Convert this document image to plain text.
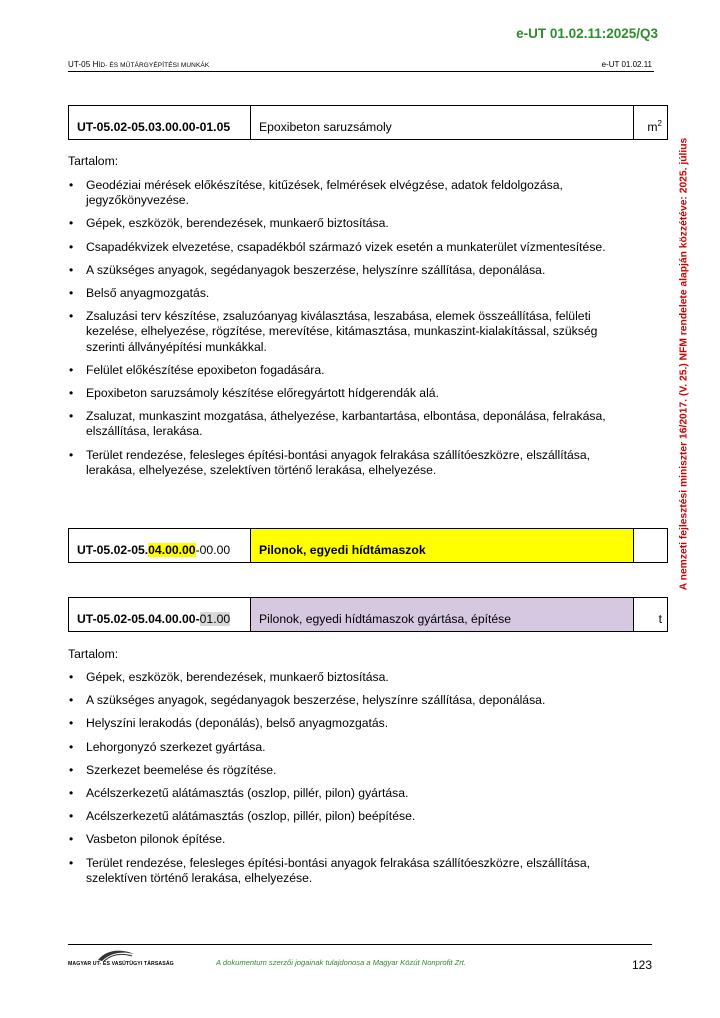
e-UT 01.02.11:2025/Q3
UT-05 HÍD- ÉS MŰTÁRGYÉPÍTÉSI MUNKÁK	e-UT 01.02.11
A nemzeti fejlesztési miniszter 16/2017. (V. 25.) NFM rendelete alapján közzétéve: 2025. július
UT-05.02-05.03.00.00-01.05	Epoxibeton saruzsámoly	$m^2$
Tartalom:
• Geodéziai mérések előkészítése, kitűzések, felmérések elvégzése, adatok feldolgozása, jegyzőkönyvezése.
• Gépek, eszközök, berendezések, munkaerő biztosítása.
• Csapadékvizek elvezetése, csapadékból származó vizek esetén a munkaterület vízmentesítése.
• A szükséges anyagok, segédanyagok beszerzése, helyszínre szállítása, deponálása.
• Belső anyagmozgatás.
• Zsaluzási terv készítése, zsaluzóanyag kiválasztása, leszabása, elemek összeállítása, felületi kezelése, elhelyezése, rögzítése, merevítése, kitámasztása, munkaszint-kialakítással, szükség szerinti állványépítési munkákkal.
• Felület előkészítése epoxibeton fogadására.
• Epoxibeton saruzsámoly készítése előregyártott hídgerendák alá.
• Zsaluzat, munkaszint mozgatása, áthelyezése, karbantartása, elbontása, deponálása, felrakása, elszállítása, lerakása.
• Terület rendezése, felesleges építési-bontási anyagok felrakása szállítóeszközre, elszállítása, lerakása, elhelyezése, szelektíven történő lerakása, elhelyezése.
UT-05.02-05.04.00.00-00.00	Pilonok, egyedi hídtámaszok	
UT-05.02-05.04.00.00-01.00	Pilonok, egyedi hídtámaszok gyártása, építése	t
Tartalom:
• Gépek, eszközök, berendezések, munkaerő biztosítása.
• A szükséges anyagok, segédanyagok beszerzése, helyszínre szállítása, deponálása.
• Helyszíni lerakodás (deponálás), belső anyagmozgatás.
• Lehorgonyzó szerkezet gyártása.
• Szerkezet beemelése és rögzítése.
• Acélszerkezetű alátámasztás (oszlop, pillér, pilon) gyártása.
• Acélszerkezetű alátámasztás (oszlop, pillér, pilon) beépítése.
• Vasbeton pilonok építése.
• Terület rendezése, felesleges építési-bontási anyagok felrakása szállítóeszközre, elszállítása, szelektíven történő lerakása, elhelyezése.
MAGYAR UT- ÉS VASÚTÜGYI TÁRSASÁG	A dokumentum szerzői jogainak tulajdonosa a Magyar Közút Nonprofit Zrt.	123
